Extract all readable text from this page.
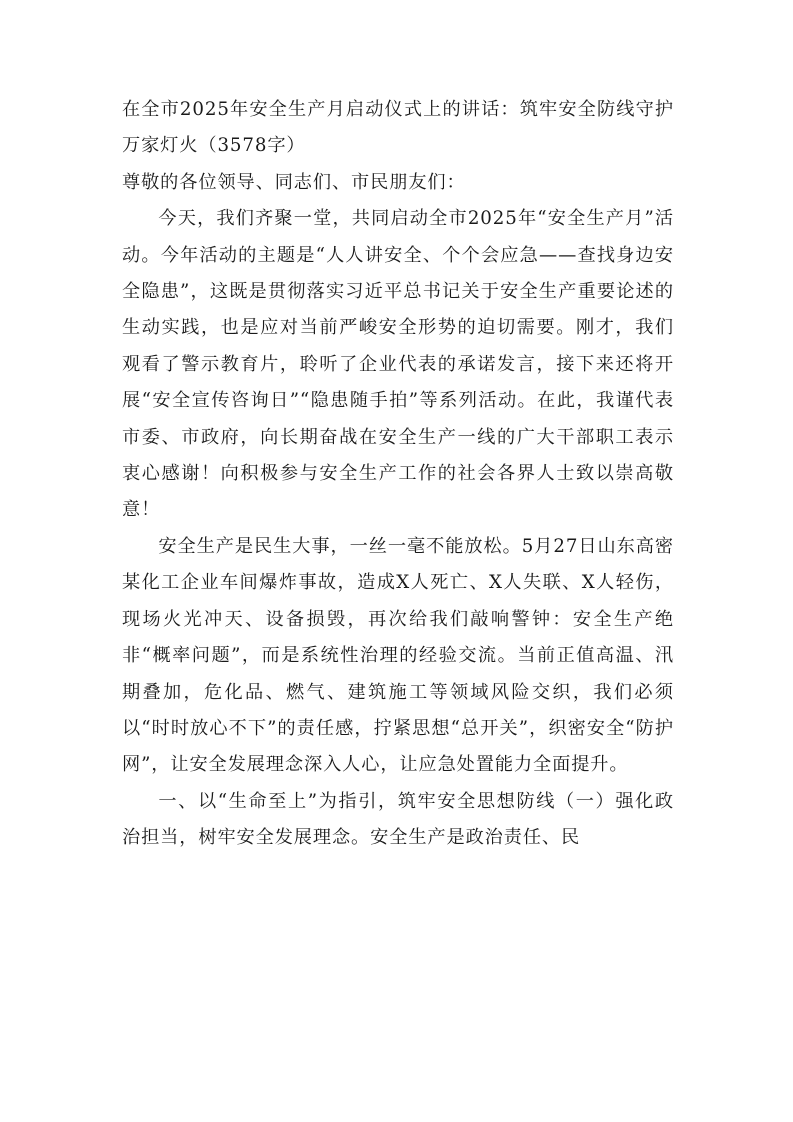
在全市2025年安全生产月启动仪式上的讲话：筑牢安全防线守护万家灯火（3578字）

尊敬的各位领导、同志们、市民朋友们：

今天，我们齐聚一堂，共同启动全市2025年“安全生产月”活动。今年活动的主题是“人人讲安全、个个会应急——查找身边安全隐患”，这既是贯彻落实习近平总书记关于安全生产重要论述的生动实践，也是应对当前严峻安全形势的迫切需要。刚才，我们观看了警示教育片，聆听了企业代表的承诺发言，接下来还将开展“安全宣传咨询日”“隐患随手拍”等系列活动。在此，我谨代表市委、市政府，向长期奋战在安全生产一线的广大干部职工表示衷心感谢！向积极参与安全生产工作的社会各界人士致以崇高敬意！

安全生产是民生大事，一丝一毫不能放松。5月27日山东高密某化工企业车间爆炸事故，造成X人死亡、X人失联、X人轻伤，现场火光冲天、设备损毁，再次给我们敲响警钟：安全生产绝非“概率问题”，而是系统性治理的经验交流。当前正值高温、汛期叠加，危化品、燃气、建筑施工等领域风险交织，我们必须以“时时放心不下”的责任感，拧紧思想“总开关”，织密安全“防护网”，让安全发展理念深入人心，让应急处置能力全面提升。

一、以“生命至上”为指引，筑牢安全思想防线（一）强化政治担当，树牢安全发展理念。安全生产是政治责任、民
